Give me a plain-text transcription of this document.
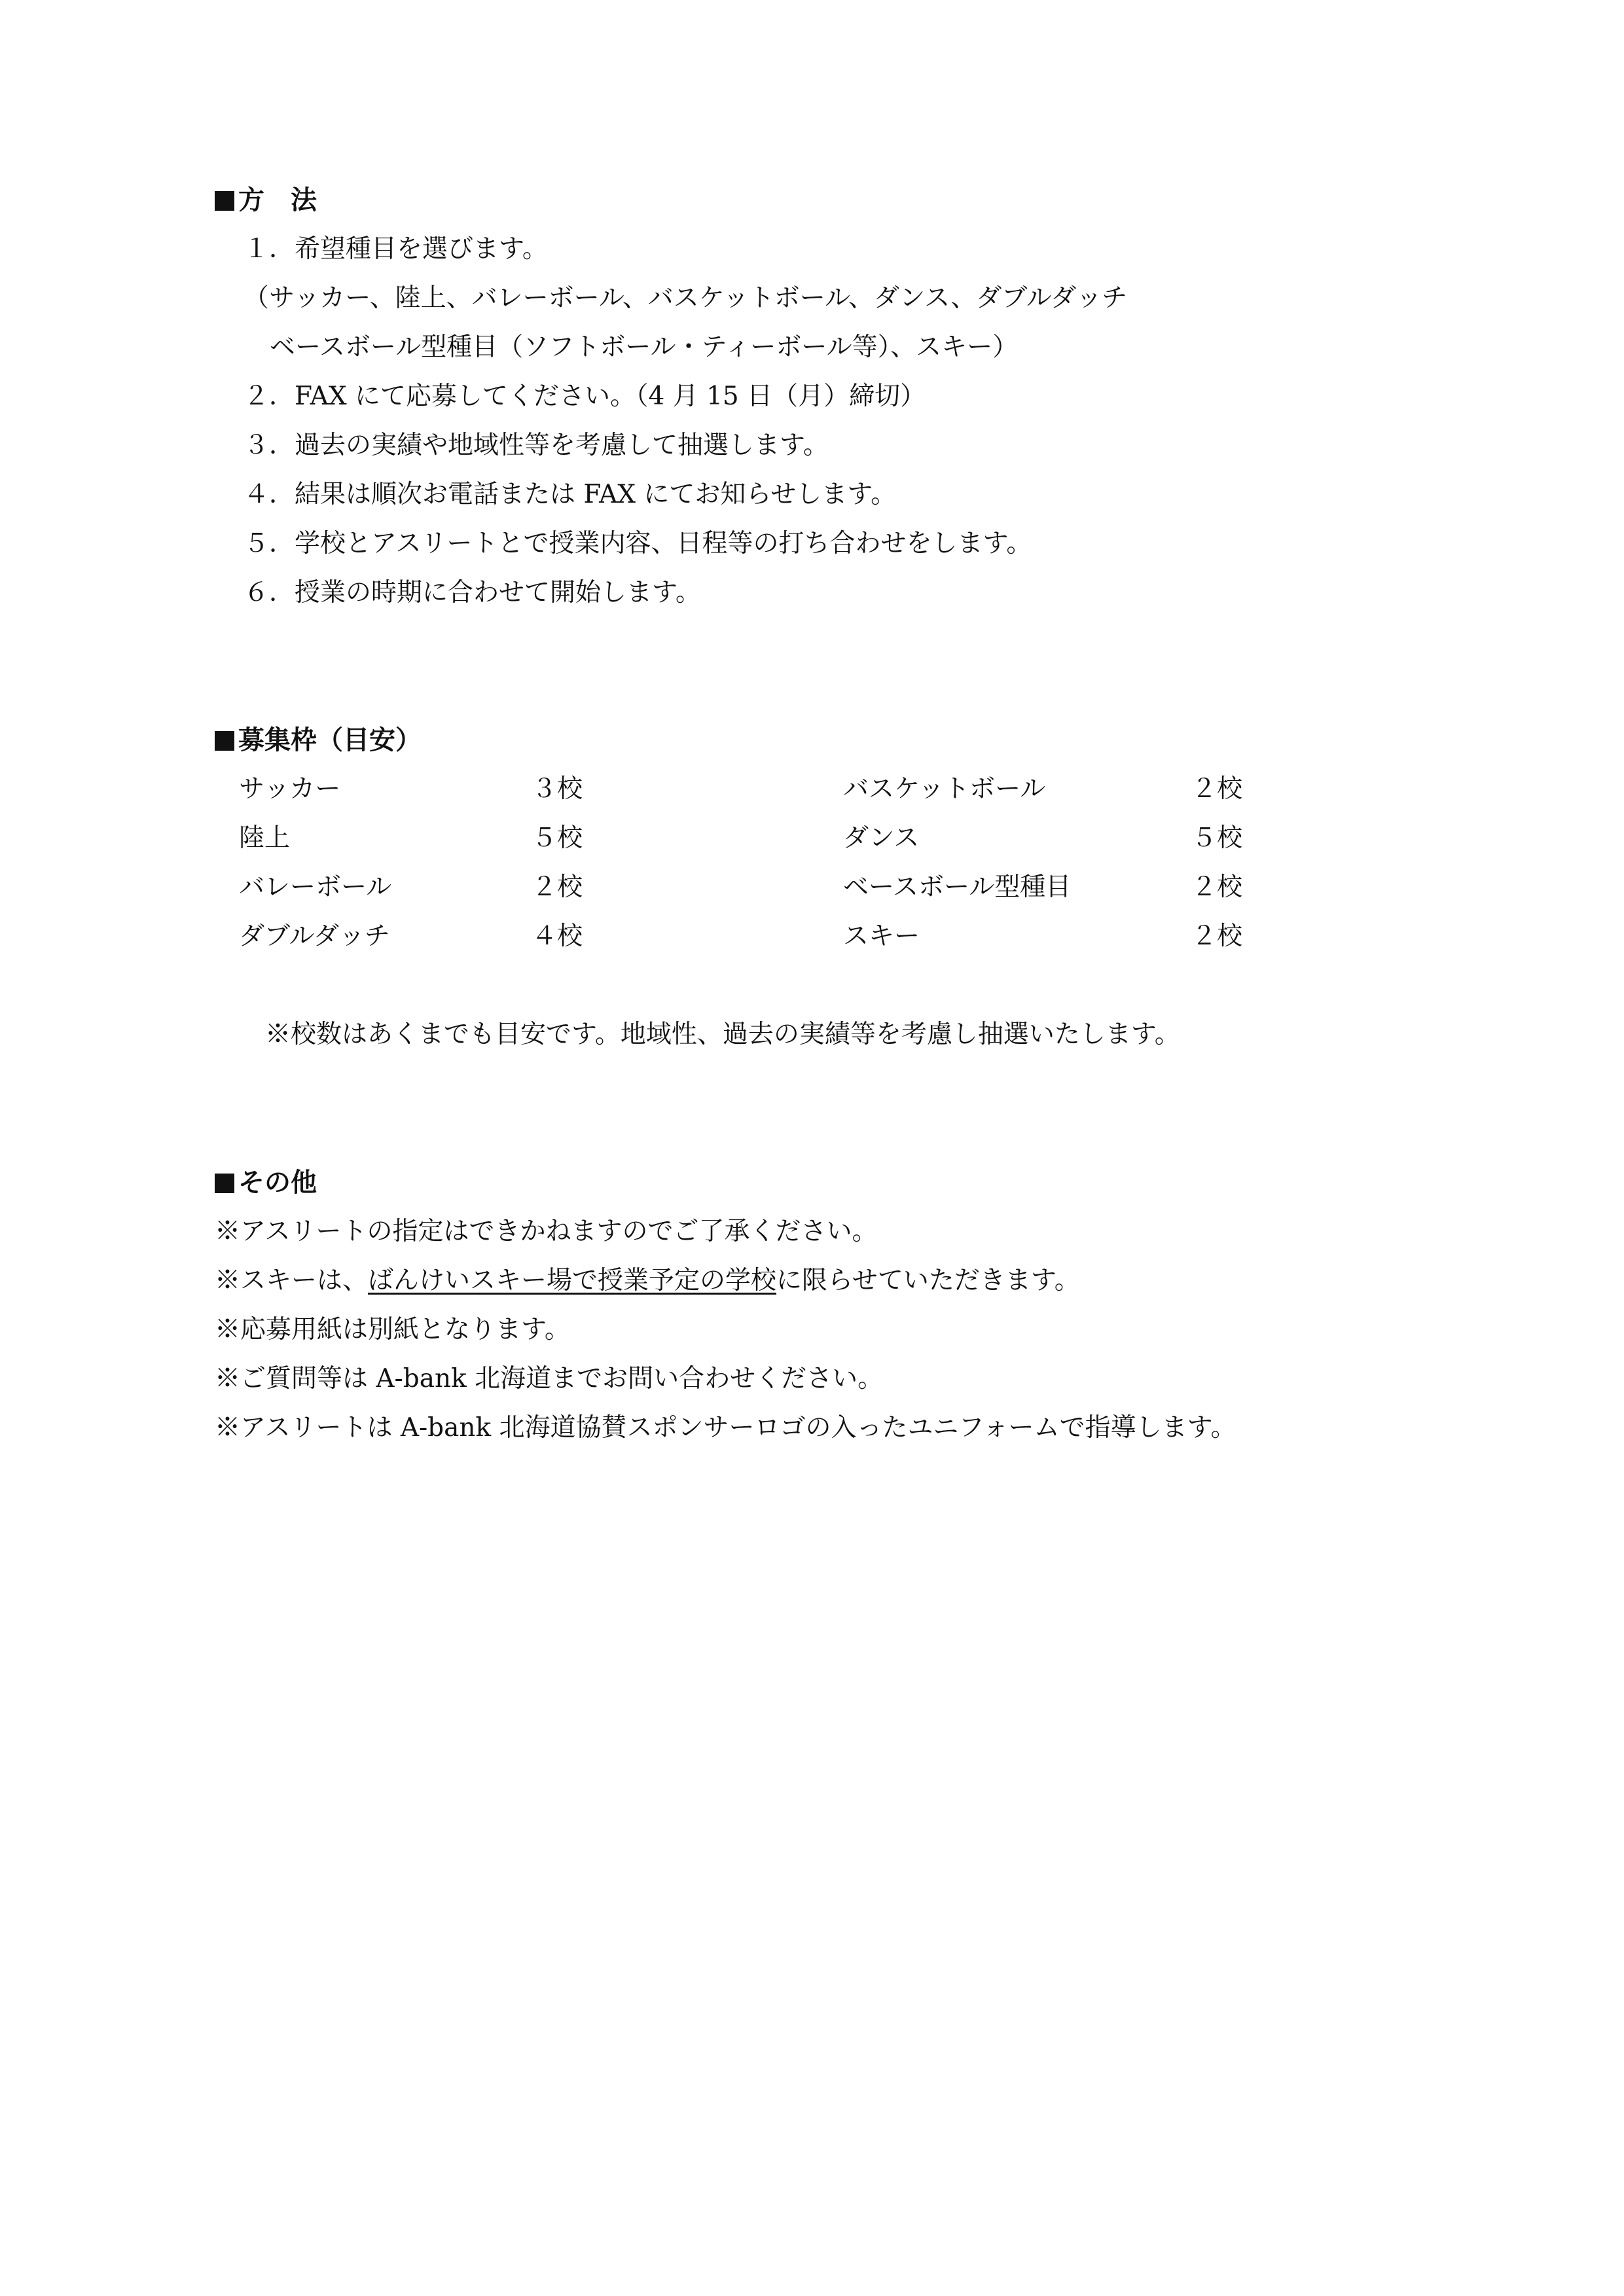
方　法
１．希望種目を選びます。
（サッカー、陸上、バレーボール、バスケットボール、ダンス、ダブルダッチ
ベースボール型種目（ソフトボール・ティーボール等）、スキー）
２．FAX にて応募してください。（4 月 15 日（月）締切）
３．過去の実績や地域性等を考慮して抽選します。
４．結果は順次お電話または FAX にてお知らせします。
５．学校とアスリートとで授業内容、日程等の打ち合わせをします。
６．授業の時期に合わせて開始します。
募集枠（目安）
サッカー	３校	バスケットボール	２校
陸上	５校	ダンス	５校
バレーボール	２校	ベースボール型種目	２校
ダブルダッチ	４校	スキー	２校
※校数はあくまでも目安です。地域性、過去の実績等を考慮し抽選いたします。
その他
※アスリートの指定はできかねますのでご了承ください。
※スキーは、ばんけいスキー場で授業予定の学校に限らせていただきます。
※応募用紙は別紙となります。
※ご質問等は A-bank 北海道までお問い合わせください。
※アスリートは A-bank 北海道協賛スポンサーロゴの入ったユニフォームで指導します。
